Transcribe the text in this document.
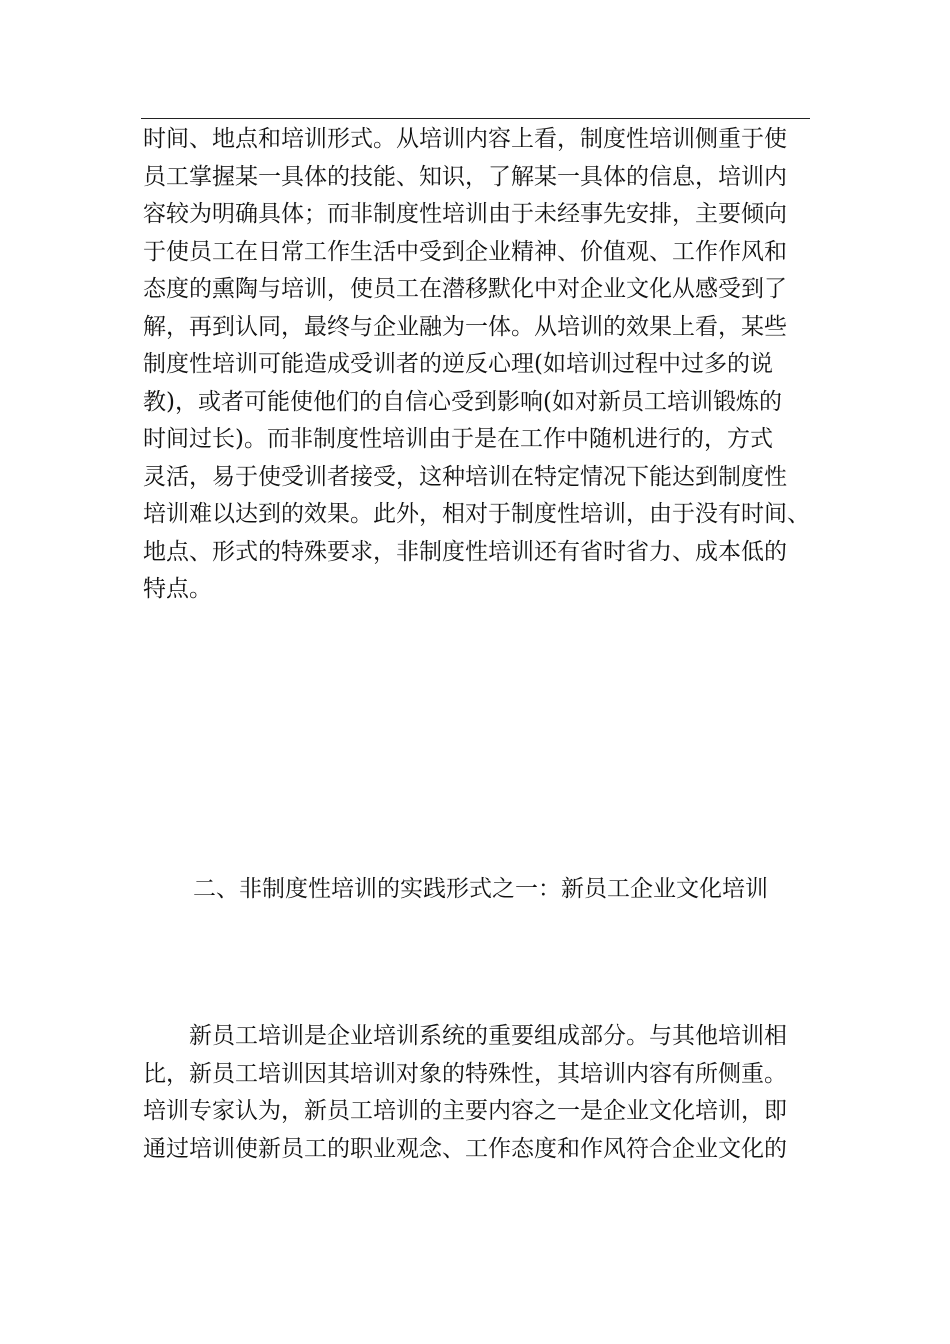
时间、地点和培训形式。从培训内容上看，制度性培训侧重于使
员工掌握某一具体的技能、知识，了解某一具体的信息，培训内
容较为明确具体；而非制度性培训由于未经事先安排，主要倾向
于使员工在日常工作生活中受到企业精神、价值观、工作作风和
态度的熏陶与培训，使员工在潜移默化中对企业文化从感受到了
解，再到认同，最终与企业融为一体。从培训的效果上看，某些
制度性培训可能造成受训者的逆反心理(如培训过程中过多的说
教)，或者可能使他们的自信心受到影响(如对新员工培训锻炼的
时间过长)。而非制度性培训由于是在工作中随机进行的，方式
灵活，易于使受训者接受，这种培训在特定情况下能达到制度性
培训难以达到的效果。此外，相对于制度性培训，由于没有时间、
地点、形式的特殊要求，非制度性培训还有省时省力、成本低的
特点。
二、非制度性培训的实践形式之一：新员工企业文化培训
　　新员工培训是企业培训系统的重要组成部分。与其他培训相
比，新员工培训因其培训对象的特殊性，其培训内容有所侧重。
培训专家认为，新员工培训的主要内容之一是企业文化培训，即
通过培训使新员工的职业观念、工作态度和作风符合企业文化的
